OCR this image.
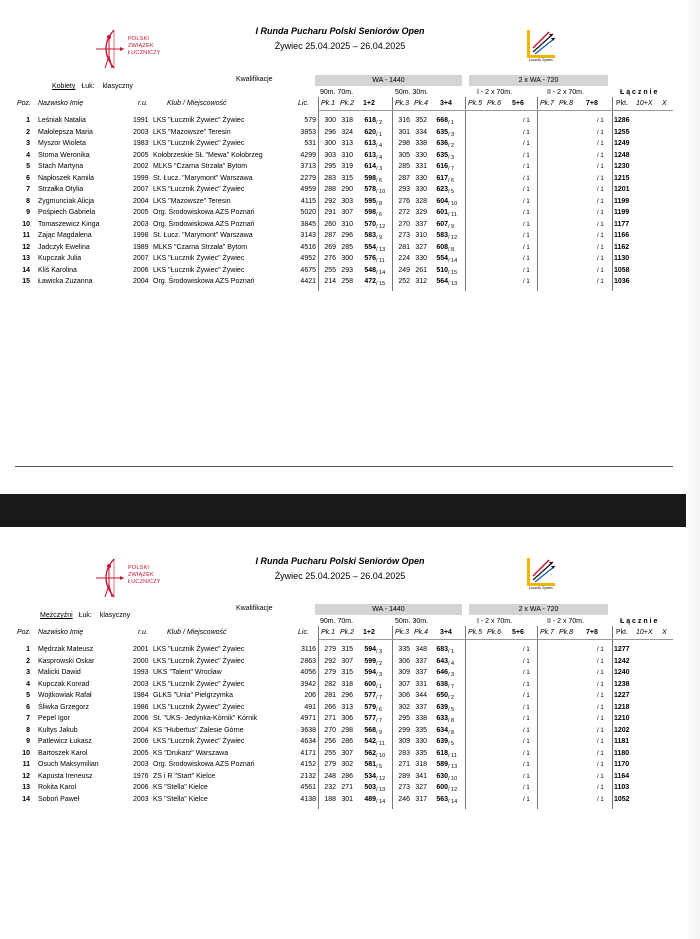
POLSKI
ZWIĄZEK
ŁUCZNICZY
I Runda Pucharu Polski Seniorów Open
Żywiec 25.04.2025 – 26.04.2025
Łucznik Żywiec
Kwalifikacje	WA - 1440	2 x WA - 720
Kobiety Łuk: klasyczny
90m. 70m.	50m. 30m.	I - 2 x 70m.	II - 2 x 70m.	Ł ą c z n i e
Poz. Nazwisko Imię	r.u.	Klub / Miejscowość	Lic. Pk.1 Pk.2 1+2	Pk.3 Pk.4 3+4 Pk.5 Pk.6 5+6 Pk.7 Pk.8 7+8	Pkt. 10+X X
1 Leśniak Natalia	1991 LKS "Łucznik Żywiec" Żywiec	579	300 318	618 / 2	316 352	668 / 1	/ 1	/ 1 1286
2 Małolepsza Maria	2003 LKS "Mazowsze" Teresin	3853	296 324	620 / 1	301 334	635 / 3	/ 1	/ 1 1255
3 Myszor Wioleta	1983 LKS "Łucznik Żywiec" Żywiec	531	300 313	613 / 4	298 338	636 / 2	/ 1	/ 1 1249
4 Stoma Weronika	2005 Kołobrzeskie SŁ "Mewa" Kołobrzeg	4299	303 310	613 / 4	305 330	635 / 3	/ 1	/ 1 1248
5 Stach Martyna	2002 MLKS "Czarna Strzała" Bytom	3713	295 319	614 / 3	285 331	616 / 7	/ 1	/ 1 1230
6 Napłoszek Kamila	1999 St. Łucz. "Marymont" Warszawa	2279	283 315	598 / 6	287 330	617 / 6	/ 1	/ 1 1215
7 Strzałka Otylia	2007 LKS "Łucznik Żywiec" Żywiec	4959	288 290	578 / 10	293 330	623 / 5	/ 1	/ 1 1201
8 Zygmunciak Alicja	2004 LKS "Mazowsze" Teresin	4115	292 303	595 / 8	276 328	604 / 10	/ 1	/ 1 1199
9 Pośpiech Gabriela	2005 Org. Środowiskowa AZS Poznań	5020	291 307	598 / 6	272 329	601 / 11	/ 1	/ 1 1199
10 Tomaszewicz Kinga	2003 Org. Środowiskowa AZS Poznań	3845	260 310	570 / 12	270 337	607 / 9	/ 1	/ 1 1177
11 Zając Magdalena	1998 St. Łucz. "Marymont" Warszawa	3143	287 296	583 / 9	273 310	583 / 12	/ 1	/ 1 1166
12 Jadczyk Ewelina	1989 MLKS "Czarna Strzała" Bytom	4516	269 285	554 / 13	281 327	608 / 8	/ 1	/ 1 1162
13 Kupczak Julia	2007 LKS "Łucznik Żywiec" Żywiec	4952	276 300	576 / 11	224 330	554 / 14	/ 1	/ 1 1130
14 Kliś Karolina	2006 LKS "Łucznik Żywiec" Żywiec	4675	255 293	548 / 14	249 261	510 / 15	/ 1	/ 1 1058
15 Ławicka Zuzanna	2004 Org. Środowiskowa AZS Poznań	4421	214 258	472 / 15	252 312	564 / 13	/ 1	/ 1 1036
POLSKI
ZWIĄZEK
ŁUCZNICZY
I Runda Pucharu Polski Seniorów Open
Żywiec 25.04.2025 – 26.04.2025
Łucznik Żywiec
Kwalifikacje	WA - 1440	2 x WA - 720
Mężczyźni Łuk: klasyczny
90m. 70m.	50m. 30m.	I - 2 x 70m.	II - 2 x 70m.	Ł ą c z n i e
Poz. Nazwisko Imię	r.u.	Klub / Miejscowość	Lic. Pk.1 Pk.2 1+2	Pk.3 Pk.4 3+4 Pk.5 Pk.6 5+6 Pk.7 Pk.8 7+8	Pkt. 10+X X
1 Mędrzak Mateusz	2001 LKS "Łucznik Żywiec" Żywiec	3116	279 315	594 / 3	335 348	683 / 1	/ 1	/ 1 1277
2 Kasprowski Oskar	2000 LKS "Łucznik Żywiec" Żywiec	2863	292 307	599 / 2	306 337	643 / 4	/ 1	/ 1 1242
3 Malicki Dawid	1993 UKS "Talent" Wrocław	4056	279 315	594 / 3	309 337	646 / 3	/ 1	/ 1 1240
4 Kupczak Konrad	2003 LKS "Łucznik Żywiec" Żywiec	3942	282 318	600 / 1	307 331	638 / 7	/ 1	/ 1 1238
5 Wojtkowiak Rafał	1984 GLKS "Unia" Pielgrzymka	206	281 296	577 / 7	306 344	650 / 2	/ 1	/ 1 1227
6 Śliwka Grzegorz	1986 LKS "Łucznik Żywiec" Żywiec	491	266 313	579 / 6	302 337	639 / 5	/ 1	/ 1 1218
7 Pepel Igor	2006 St. "UKS- Jedynka-Kórnik" Kórnik	4971	271 306	577 / 7	295 338	633 / 8	/ 1	/ 1 1210
8 Kultys Jakub	2004 KS "Hubertus" Zalesie Górne	3638	270 298	568 / 9	299 335	634 / 8	/ 1	/ 1 1202
9 Patlewicz Łukasz	2006 LKS "Łucznik Żywiec" Żywiec	4634	256 286	542 / 11	309 330	639 / 5	/ 1	/ 1 1181
10 Bartoszek Karol	2005 KS "Drukarz" Warszawa	4171	255 307	562 / 10	283 335	618 / 11	/ 1	/ 1 1180
11 Osuch Maksymilian	2003 Org. Środowiskowa AZS Poznań	4152	279 302	581 / 5	271 318	589 / 13	/ 1	/ 1 1170
12 Kapusta Ireneusz	1976 ZS i R "Start" Kielce	2132	248 286	534 / 12	289 341	630 / 10	/ 1	/ 1 1164
13 Rokita Karol	2006 KS "Stella" Kielce	4561	232 271	503 / 13	273 327	600 / 12	/ 1	/ 1 1103
14 Soboń Paweł	2003 KS "Stella" Kielce	4138	188 301	489 / 14	246 317	563 / 14	/ 1	/ 1 1052
